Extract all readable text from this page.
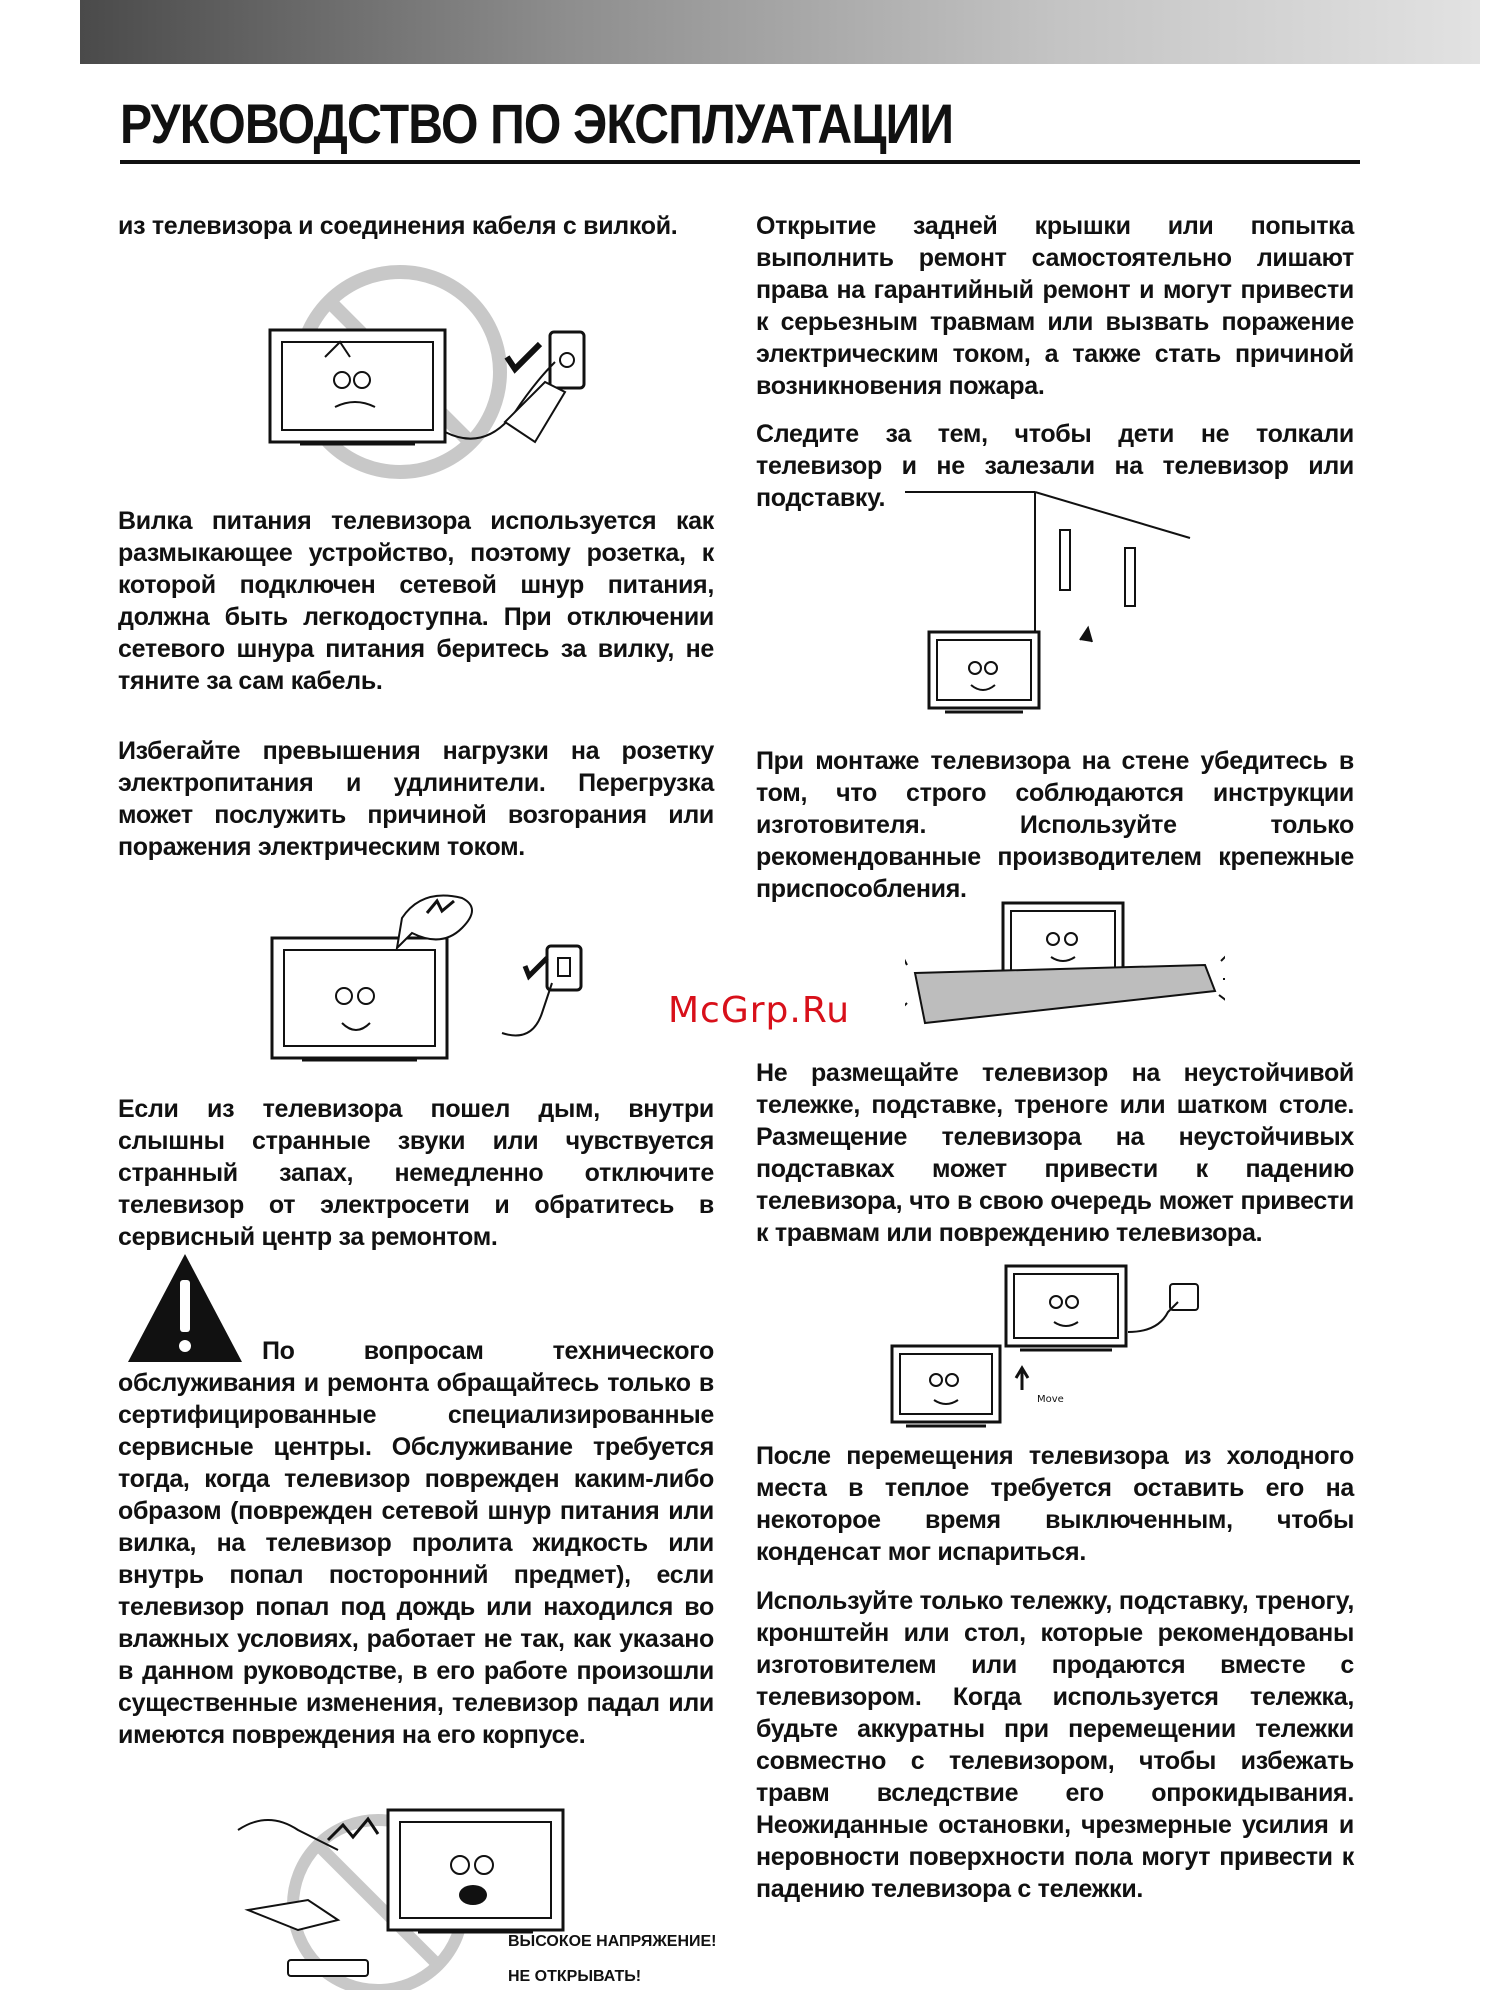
РУКОВОДСТВО ПО ЭКСПЛУАТАЦИИ

из телевизора и соединения кабеля с вилкой.

Вилка питания телевизора используется как размыкающее устройство, поэтому розетка, к которой подключен сетевой шнур питания, должна быть легкодоступна. При отключении сетевого шнура питания беритесь за вилку, не тяните за сам кабель.

Избегайте превышения нагрузки на розетку электропитания и удлинители. Перегрузка может послужить причиной возгорания или поражения электрическим током.

Если из телевизора пошел дым, внутри слышны странные звуки или чувствуется странный запах, немедленно отключите телевизор от электросети и обратитесь в сервисный центр за ремонтом.

По вопросам технического обслуживания и ремонта обращайтесь только в сертифицированные специализированные сервисные центры. Обслуживание требуется тогда, когда телевизор поврежден каким-либо образом (поврежден сетевой шнур питания или вилка, на телевизор пролита жидкость или внутрь попал посторонний предмет), если телевизор попал под дождь или находился во влажных условиях, работает не так, как указано в данном руководстве, в его работе произошли существенные изменения, телевизор падал или имеются повреждения на его корпусе.

ВЫСОКОЕ НАПРЯЖЕНИЕ!
НЕ ОТКРЫВАТЬ!

Открытие задней крышки или попытка выполнить ремонт самостоятельно лишают права на гарантийный ремонт и могут привести к серьезным травмам или вызвать поражение электрическим током, а также стать причиной возникновения пожара.

Следите за тем, чтобы дети не толкали телевизор и не залезали на телевизор или подставку.

При монтаже телевизора на стене убедитесь в том, что строго соблюдаются инструкции изготовителя. Используйте только рекомендованные производителем крепежные приспособления.

McGrp.Ru

Не размещайте телевизор на неустойчивой тележке, подставке, треноге или шатком столе. Размещение телевизора на неустойчивых подставках может привести к падению телевизора, что в свою очередь может привести к травмам или повреждению телевизора.

Move

После перемещения телевизора из холодного места в теплое требуется оставить его на некоторое время выключенным, чтобы конденсат мог испариться.

Используйте только тележку, подставку, треногу, кронштейн или стол, которые рекомендованы изготовителем или продаются вместе с телевизором. Когда используется тележка, будьте аккуратны при перемещении тележки совместно с телевизором, чтобы избежать травм вследствие его опрокидывания. Неожиданные остановки, чрезмерные усилия и неровности поверхности пола могут привести к падению телевизора с тележки.
